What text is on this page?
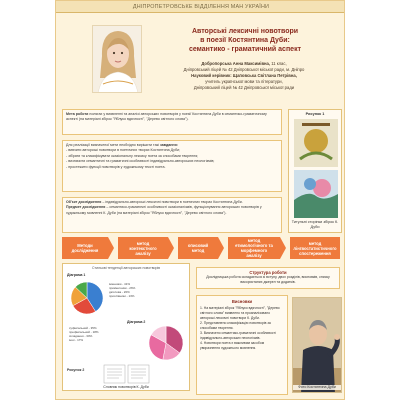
ДНІПРОПЕТРОВСЬКЕ ВІДДІЛЕННЯ МАН УКРАЇНИ
Авторські лексичні новотвори
в поезії Костянтина Дуби:
семантико - граматичний аспект
Добропорська Анна Максимівна, 11 клас,
Дніпровський ліцей № 42 Дніпровської міської ради, м. Дніпро
Науковий керівник: Щаповська Світлана Петрівна,
учитель української мови та літератури,
Дніпровський ліцей № 42 Дніпровської міської ради
Мета роботи полягає у виявленні та аналізі авторських новотворів у поезії Костянтина Дуби в семантико-граматичному аспекті (на матеріалі збірок "Яблуко вдячності", "Дерево світлого слова").
Рисунок 1
Титульні сторінки збірок К. Дуби
Для реалізації визначеної мети необхідно вирішити такі завдання:
- вивчити авторські новотвори в поетичних творах Костянтина Дуби;
- зібрати та класифікувати оказіональну лексику поета за способами творення;
- визначити семантичні та граматичні особливості індивідуально-авторських неологізмів;
- простежити функції новотворів у художньому тексті поета.
Об'єкт дослідження – індивідуально-авторські лексичні новотвори в поетичних творах Костянтина Дуби.
Предмет дослідження – семантико-граматичні особливості оказіоналізмів, функціонування авторських новотворів у художньому мовленні К. Дуби (на матеріалі збірок "Яблуко вдячності", "Дерево світлого слова").
Методи дослідження
метод контекстного аналізу
описовий метод
метод етимологічного та морфемного аналізу
метод лінгвостатистичного спостереження
Стильові тенденції авторських новотворів
Діаграма 1
іменники - 41%
прикметники - 26%
дієслова - 20%
прислівники - 13%
Діаграма 2
суфіксальний - 35%
префіксальний - 18%
складання - 30%
інші - 17%
Рисунок 2
Словник новотворів К. Дуби
Структура роботи
Дослідницька робота складається зі вступу, двох розділів, висновків, списку використаних джерел та додатків.
Висновки
1. На матеріалі збірок "Яблуко вдячності", "Дерево світлого слова" виявлено та проаналізовано авторські лексичні новотвори К. Дуби.
2. Представлено класифікацію новотворів за способами творення.
3. Визначено семантико-граматичні особливості індивідуально-авторських неологізмів.
4. Новотвори поета є важливим засобом увиразнення художнього мовлення.
Фото Костянтина Дуби
